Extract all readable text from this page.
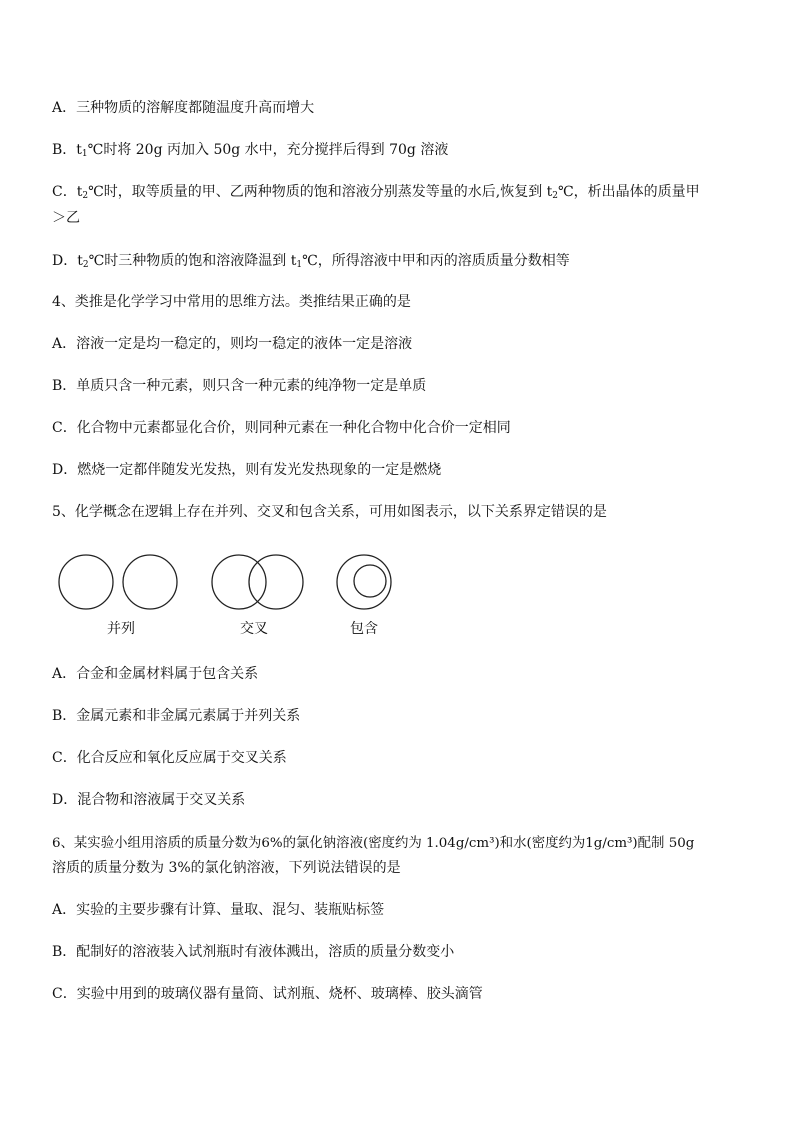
A．三种物质的溶解度都随温度升高而增大
B．$t_1℃$时将 20g 丙加入 50g 水中，充分搅拌后得到 70g 溶液
C．$t_2℃$时，取等质量的甲、乙两种物质的饱和溶液分别蒸发等量的水后,恢复到 $t_2℃$，析出晶体的质量甲
＞乙
D．$t_2℃$时三种物质的饱和溶液降温到 $t_1℃$，所得溶液中甲和丙的溶质质量分数相等
4、类推是化学学习中常用的思维方法。类推结果正确的是
A．溶液一定是均一稳定的，则均一稳定的液体一定是溶液
B．单质只含一种元素，则只含一种元素的纯净物一定是单质
C．化合物中元素都显化合价，则同种元素在一种化合物中化合价一定相同
D．燃烧一定都伴随发光发热，则有发光发热现象的一定是燃烧
5、化学概念在逻辑上存在并列、交叉和包含关系，可用如图表示，以下关系界定错误的是
并列	交叉	包含
A．合金和金属材料属于包含关系
B．金属元素和非金属元素属于并列关系
C．化合反应和氧化反应属于交叉关系
D．混合物和溶液属于交叉关系
6、某实验小组用溶质的质量分数为6%的氯化钠溶液(密度约为 1.04g/cm³)和水(密度约为1g/cm³)配制 50g
溶质的质量分数为 3%的氯化钠溶液，下列说法错误的是
A．实验的主要步骤有计算、量取、混匀、装瓶贴标签
B．配制好的溶液装入试剂瓶时有液体溅出，溶质的质量分数变小
C．实验中用到的玻璃仪器有量筒、试剂瓶、烧杯、玻璃棒、胶头滴管
